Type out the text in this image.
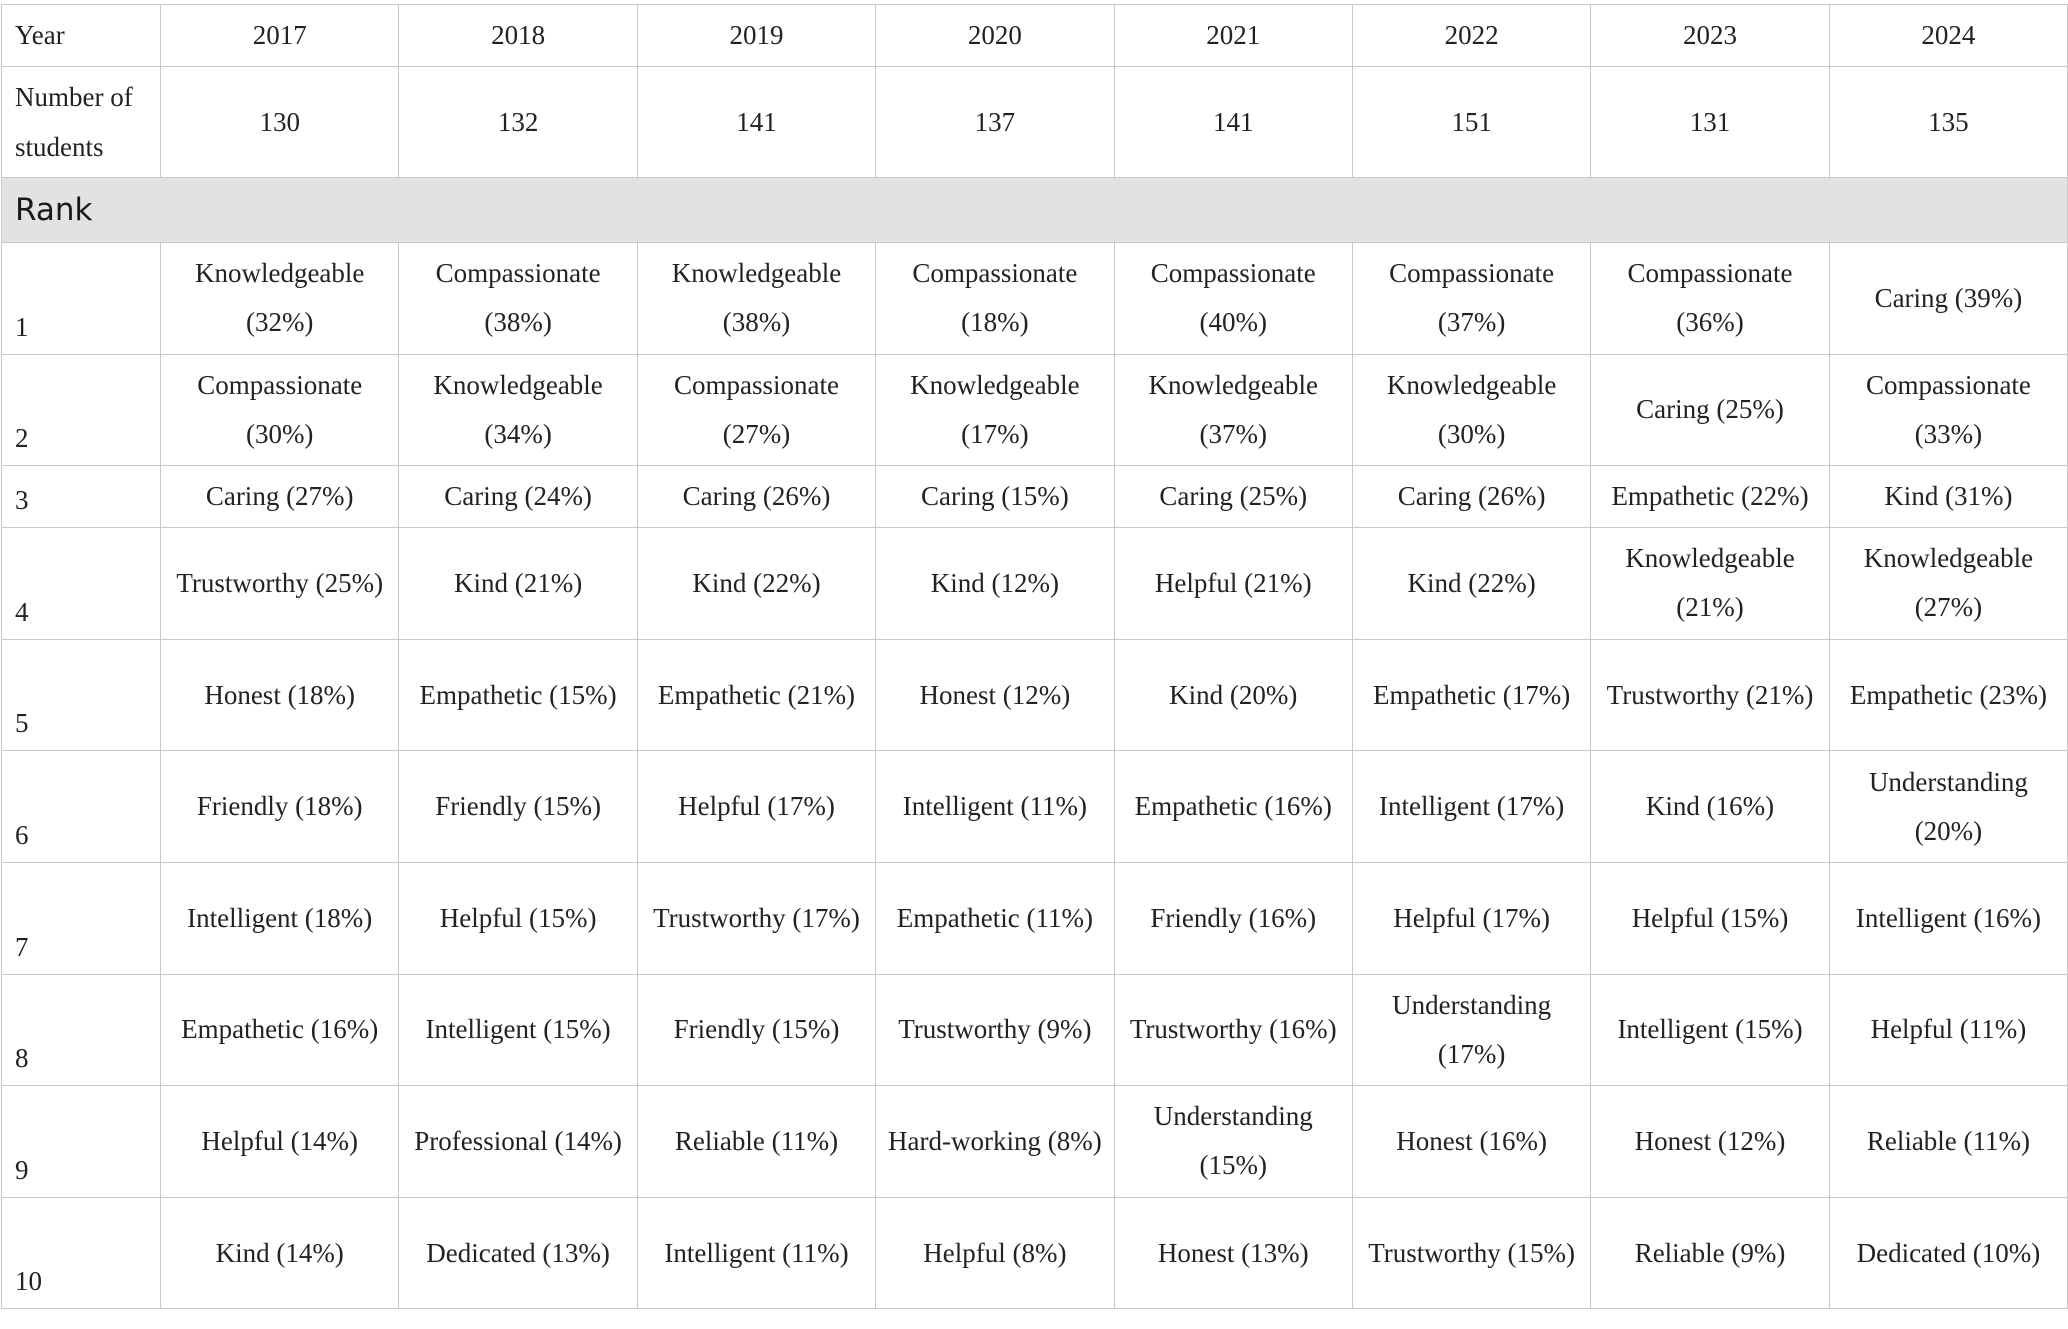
Year	2017	2018	2019	2020	2021	2022	2023	2024
Number of students	130	132	141	137	141	151	131	135
Rank								
1	Knowledgeable (32%)	Compassionate (38%)	Knowledgeable (38%)	Compassionate (18%)	Compassionate (40%)	Compassionate (37%)	Compassionate (36%)	Caring (39%)
2	Compassionate (30%)	Knowledgeable (34%)	Compassionate (27%)	Knowledgeable (17%)	Knowledgeable (37%)	Knowledgeable (30%)	Caring (25%)	Compassionate (33%)
3	Caring (27%)	Caring (24%)	Caring (26%)	Caring (15%)	Caring (25%)	Caring (26%)	Empathetic (22%)	Kind (31%)
4	Trustworthy (25%)	Kind (21%)	Kind (22%)	Kind (12%)	Helpful (21%)	Kind (22%)	Knowledgeable (21%)	Knowledgeable (27%)
5	Honest (18%)	Empathetic (15%)	Empathetic (21%)	Honest (12%)	Kind (20%)	Empathetic (17%)	Trustworthy (21%)	Empathetic (23%)
6	Friendly (18%)	Friendly (15%)	Helpful (17%)	Intelligent (11%)	Empathetic (16%)	Intelligent (17%)	Kind (16%)	Understanding (20%)
7	Intelligent (18%)	Helpful (15%)	Trustworthy (17%)	Empathetic (11%)	Friendly (16%)	Helpful (17%)	Helpful (15%)	Intelligent (16%)
8	Empathetic (16%)	Intelligent (15%)	Friendly (15%)	Trustworthy (9%)	Trustworthy (16%)	Understanding (17%)	Intelligent (15%)	Helpful (11%)
9	Helpful (14%)	Professional (14%)	Reliable (11%)	Hard-working (8%)	Understanding (15%)	Honest (16%)	Honest (12%)	Reliable (11%)
10	Kind (14%)	Dedicated (13%)	Intelligent (11%)	Helpful (8%)	Honest (13%)	Trustworthy (15%)	Reliable (9%)	Dedicated (10%)
